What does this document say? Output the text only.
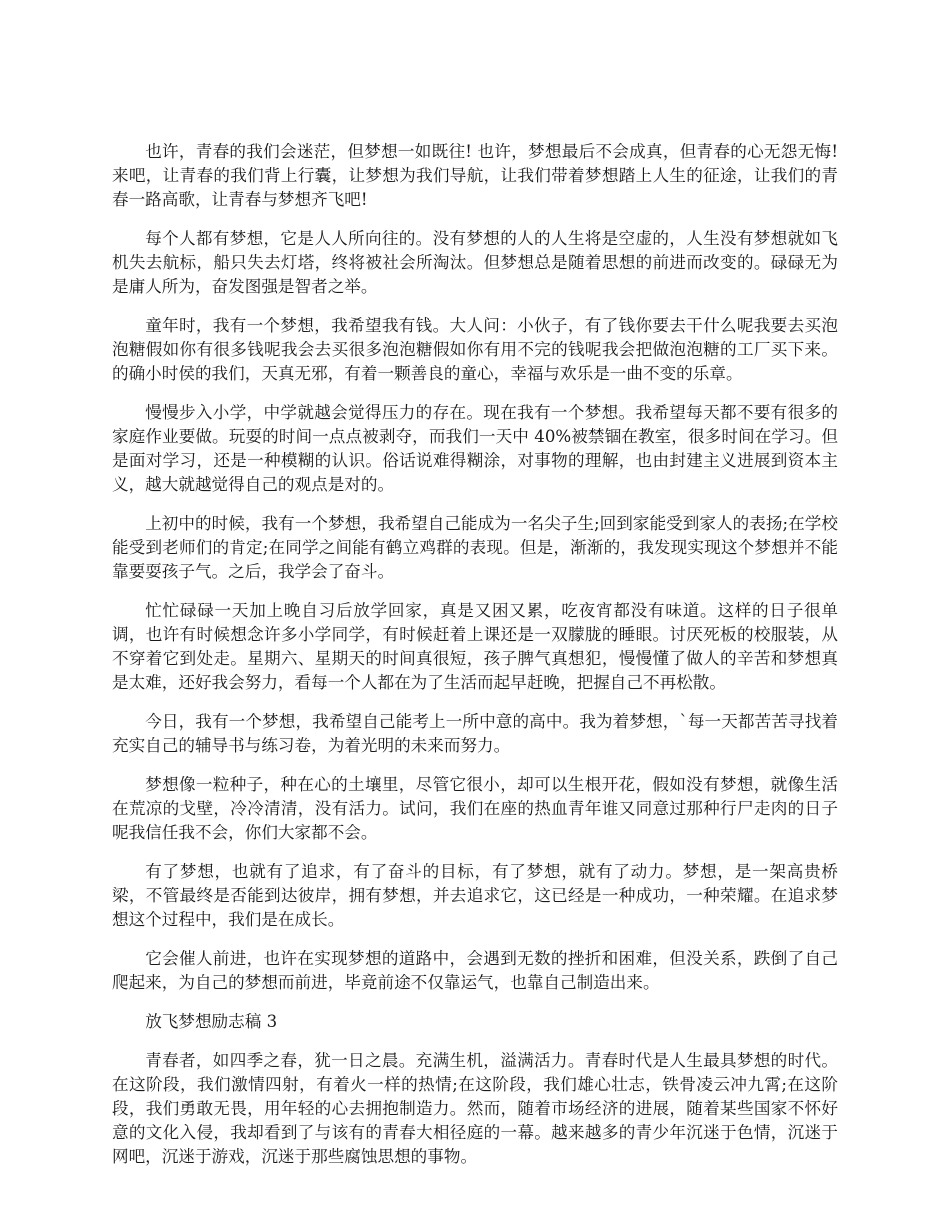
也许，青春的我们会迷茫，但梦想一如既往! 也许，梦想最后不会成真，但青春的心无怨无悔! 来吧，让青春的我们背上行囊，让梦想为我们导航，让我们带着梦想踏上人生的征途，让我们的青春一路高歌，让青春与梦想齐飞吧!

每个人都有梦想，它是人人所向往的。没有梦想的人的人生将是空虚的，人生没有梦想就如飞机失去航标，船只失去灯塔，终将被社会所淘汰。但梦想总是随着思想的前进而改变的。碌碌无为是庸人所为，奋发图强是智者之举。

童年时，我有一个梦想，我希望我有钱。大人问：小伙子，有了钱你要去干什么呢我要去买泡泡糖假如你有很多钱呢我会去买很多泡泡糖假如你有用不完的钱呢我会把做泡泡糖的工厂买下来。的确小时侯的我们，天真无邪，有着一颗善良的童心，幸福与欢乐是一曲不变的乐章。

慢慢步入小学，中学就越会觉得压力的存在。现在我有一个梦想。我希望每天都不要有很多的家庭作业要做。玩耍的时间一点点被剥夺，而我们一天中 40%被禁锢在教室，很多时间在学习。但是面对学习，还是一种模糊的认识。俗话说难得糊涂，对事物的理解，也由封建主义进展到资本主义，越大就越觉得自己的观点是对的。

上初中的时候，我有一个梦想，我希望自己能成为一名尖子生;回到家能受到家人的表扬;在学校能受到老师们的肯定;在同学之间能有鹤立鸡群的表现。但是，渐渐的，我发现实现这个梦想并不能靠要耍孩子气。之后，我学会了奋斗。

忙忙碌碌一天加上晚自习后放学回家，真是又困又累，吃夜宵都没有味道。这样的日子很单调，也许有时候想念许多小学同学，有时候赶着上课还是一双朦胧的睡眼。讨厌死板的校服装，从不穿着它到处走。星期六、星期天的时间真很短，孩子脾气真想犯，慢慢懂了做人的辛苦和梦想真是太难，还好我会努力，看每一个人都在为了生活而起早赶晚，把握自己不再松散。

今日，我有一个梦想，我希望自己能考上一所中意的高中。我为着梦想，`每一天都苦苦寻找着充实自己的辅导书与练习卷，为着光明的未来而努力。

梦想像一粒种子，种在心的土壤里，尽管它很小，却可以生根开花，假如没有梦想，就像生活在荒凉的戈壁，冷冷清清，没有活力。试问，我们在座的热血青年谁又同意过那种行尸走肉的日子呢我信任我不会，你们大家都不会。

有了梦想，也就有了追求，有了奋斗的目标，有了梦想，就有了动力。梦想，是一架高贵桥梁，不管最终是否能到达彼岸，拥有梦想，并去追求它，这已经是一种成功，一种荣耀。在追求梦想这个过程中，我们是在成长。

它会催人前进，也许在实现梦想的道路中，会遇到无数的挫折和困难，但没关系，跌倒了自己爬起来，为自己的梦想而前进，毕竟前途不仅靠运气，也靠自己制造出来。

放飞梦想励志稿 3

青春者，如四季之春，犹一日之晨。充满生机，溢满活力。青春时代是人生最具梦想的时代。在这阶段，我们激情四射，有着火一样的热情;在这阶段，我们雄心壮志，铁骨凌云冲九霄;在这阶段，我们勇敢无畏，用年轻的心去拥抱制造力。然而，随着市场经济的进展，随着某些国家不怀好意的文化入侵，我却看到了与该有的青春大相径庭的一幕。越来越多的青少年沉迷于色情，沉迷于网吧，沉迷于游戏，沉迷于那些腐蚀思想的事物。
